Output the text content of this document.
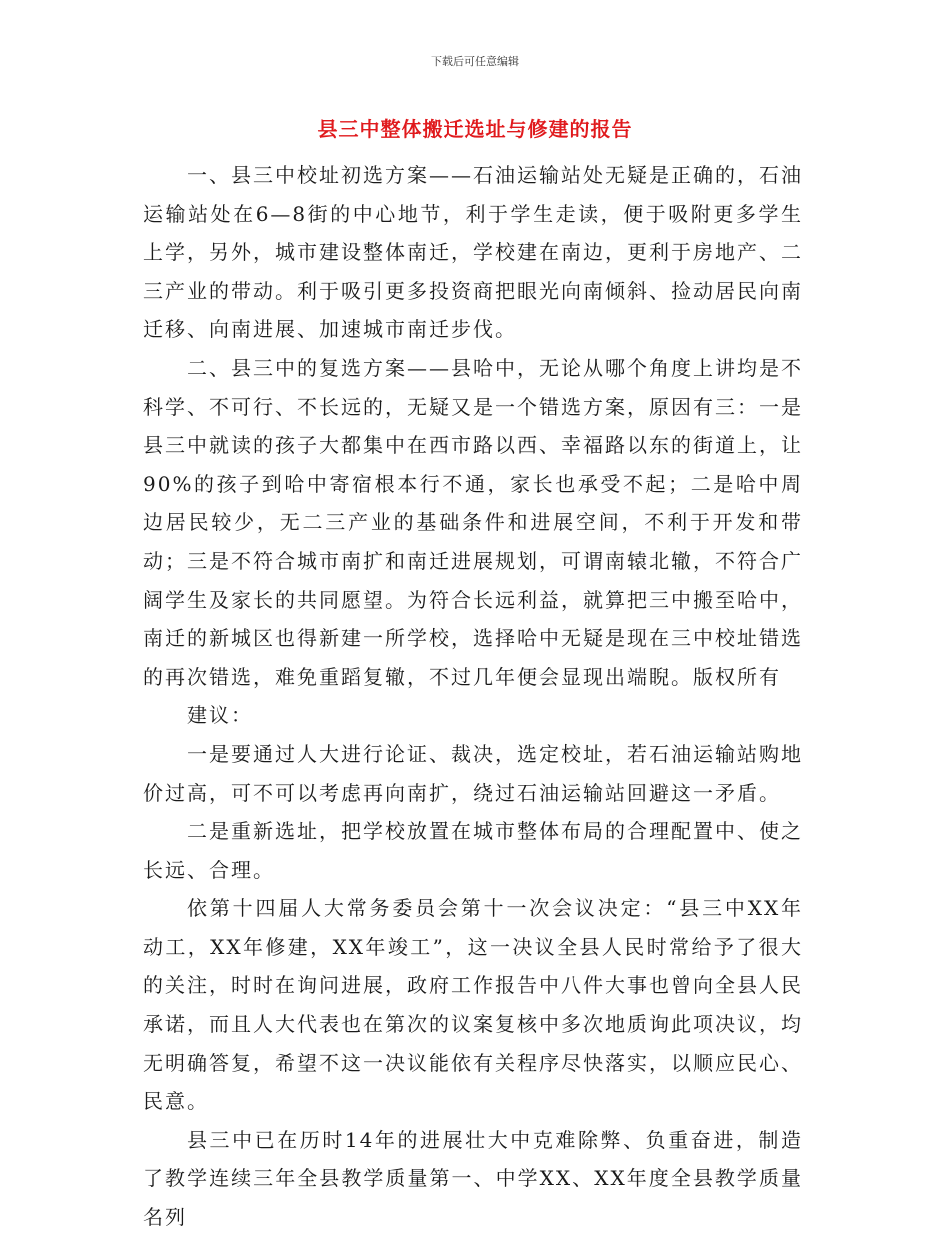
下载后可任意编辑
县三中整体搬迁选址与修建的报告

一、县三中校址初选方案——石油运输站处无疑是正确的，石油运输站处在6—8街的中心地节，利于学生走读，便于吸附更多学生上学，另外，城市建设整体南迁，学校建在南边，更利于房地产、二三产业的带动。利于吸引更多投资商把眼光向南倾斜、捡动居民向南迁移、向南进展、加速城市南迁步伐。

二、县三中的复选方案——县哈中，无论从哪个角度上讲均是不科学、不可行、不长远的，无疑又是一个错选方案，原因有三：一是县三中就读的孩子大都集中在西市路以西、幸福路以东的街道上，让90%的孩子到哈中寄宿根本行不通，家长也承受不起；二是哈中周边居民较少，无二三产业的基础条件和进展空间，不利于开发和带动；三是不符合城市南扩和南迁进展规划，可谓南辕北辙，不符合广阔学生及家长的共同愿望。为符合长远利益，就算把三中搬至哈中，南迁的新城区也得新建一所学校，选择哈中无疑是现在三中校址错选的再次错选，难免重蹈复辙，不过几年便会显现出端睨。版权所有

建议：

一是要通过人大进行论证、裁决，选定校址，若石油运输站购地价过高，可不可以考虑再向南扩，绕过石油运输站回避这一矛盾。

二是重新选址，把学校放置在城市整体布局的合理配置中、使之长远、合理。

依第十四届人大常务委员会第十一次会议决定：“县三中XX年动工，XX年修建，XX年竣工”，这一决议全县人民时常给予了很大的关注，时时在询问进展，政府工作报告中八件大事也曾向全县人民承诺，而且人大代表也在第次的议案复核中多次地质询此项决议，均无明确答复，希望不这一决议能依有关程序尽快落实，以顺应民心、民意。

县三中已在历时14年的进展壮大中克难除弊、负重奋进，制造了教学连续三年全县教学质量第一、中学XX、XX年度全县教学质量名列
